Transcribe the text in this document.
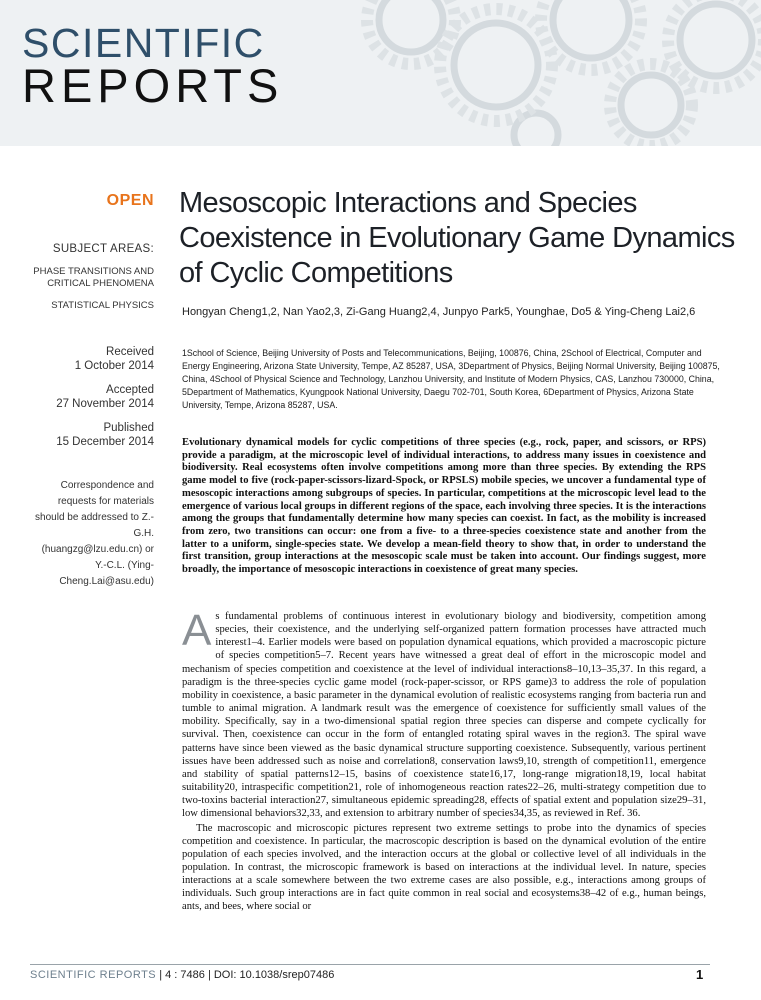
SCIENTIFIC
REPORTS
OPEN
SUBJECT AREAS:
PHASE TRANSITIONS AND CRITICAL PHENOMENA
STATISTICAL PHYSICS
Received
1 October 2014
Accepted
27 November 2014
Published
15 December 2014
Correspondence and requests for materials should be addressed to Z.-G.H. (huangzg@lzu.edu.cn) or Y.-C.L. (Ying-Cheng.Lai@asu.edu)
Mesoscopic Interactions and Species Coexistence in Evolutionary Game Dynamics of Cyclic Competitions
Hongyan Cheng1,2, Nan Yao2,3, Zi-Gang Huang2,4, Junpyo Park5, Younghae, Do5 & Ying-Cheng Lai2,6
1School of Science, Beijing University of Posts and Telecommunications, Beijing, 100876, China, 2School of Electrical, Computer and Energy Engineering, Arizona State University, Tempe, AZ 85287, USA, 3Department of Physics, Beijing Normal University, Beijing 100875, China, 4School of Physical Science and Technology, Lanzhou University, and Institute of Modern Physics, CAS, Lanzhou 730000, China, 5Department of Mathematics, Kyungpook National University, Daegu 702-701, South Korea, 6Department of Physics, Arizona State University, Tempe, Arizona 85287, USA.
Evolutionary dynamical models for cyclic competitions of three species (e.g., rock, paper, and scissors, or RPS) provide a paradigm, at the microscopic level of individual interactions, to address many issues in coexistence and biodiversity. Real ecosystems often involve competitions among more than three species. By extending the RPS game model to five (rock-paper-scissors-lizard-Spock, or RPSLS) mobile species, we uncover a fundamental type of mesoscopic interactions among subgroups of species. In particular, competitions at the microscopic level lead to the emergence of various local groups in different regions of the space, each involving three species. It is the interactions among the groups that fundamentally determine how many species can coexist. In fact, as the mobility is increased from zero, two transitions can occur: one from a five- to a three-species coexistence state and another from the latter to a uniform, single-species state. We develop a mean-field theory to show that, in order to understand the first transition, group interactions at the mesoscopic scale must be taken into account. Our findings suggest, more broadly, the importance of mesoscopic interactions in coexistence of great many species.

As fundamental problems of continuous interest in evolutionary biology and biodiversity, competition among species, their coexistence, and the underlying self-organized pattern formation processes have attracted much interest1–4. Earlier models were based on population dynamical equations, which provided a macroscopic picture of species competition5–7. Recent years have witnessed a great deal of effort in the microscopic model and mechanism of species competition and coexistence at the level of individual interactions8–10,13–35,37. In this regard, a paradigm is the three-species cyclic game model (rock-paper-scissor, or RPS game)3 to address the role of population mobility in coexistence, a basic parameter in the dynamical evolution of realistic ecosystems ranging from bacteria run and tumble to animal migration. A landmark result was the emergence of coexistence for sufficiently small values of the mobility. Specifically, say in a two-dimensional spatial region three species can disperse and compete cyclically for survival. Then, coexistence can occur in the form of entangled rotating spiral waves in the region3. The spiral wave patterns have since been viewed as the basic dynamical structure supporting coexistence. Subsequently, various pertinent issues have been addressed such as noise and correlation8, conservation laws9,10, strength of competition11, emergence and stability of spatial patterns12–15, basins of coexistence state16,17, long-range migration18,19, local habitat suitability20, intraspecific competition21, role of inhomogeneous reaction rates22–26, multi-strategy competition due to two-toxins bacterial interaction27, simultaneous epidemic spreading28, effects of spatial extent and population size29–31, low dimensional behaviors32,33, and extension to arbitrary number of species34,35, as reviewed in Ref. 36.

The macroscopic and microscopic pictures represent two extreme settings to probe into the dynamics of species competition and coexistence. In particular, the macroscopic description is based on the dynamical evolution of the entire population of each species involved, and the interaction occurs at the global or collective level of all individuals in the population. In contrast, the microscopic framework is based on interactions at the individual level. In nature, species interactions at a scale somewhere between the two extreme cases are also possible, e.g., interactions among groups of individuals. Such group interactions are in fact quite common in real social and ecosystems38–42 of e.g., human beings, ants, and bees, where social or

SCIENTIFIC REPORTS | 4 : 7486 | DOI: 10.1038/srep07486	1
